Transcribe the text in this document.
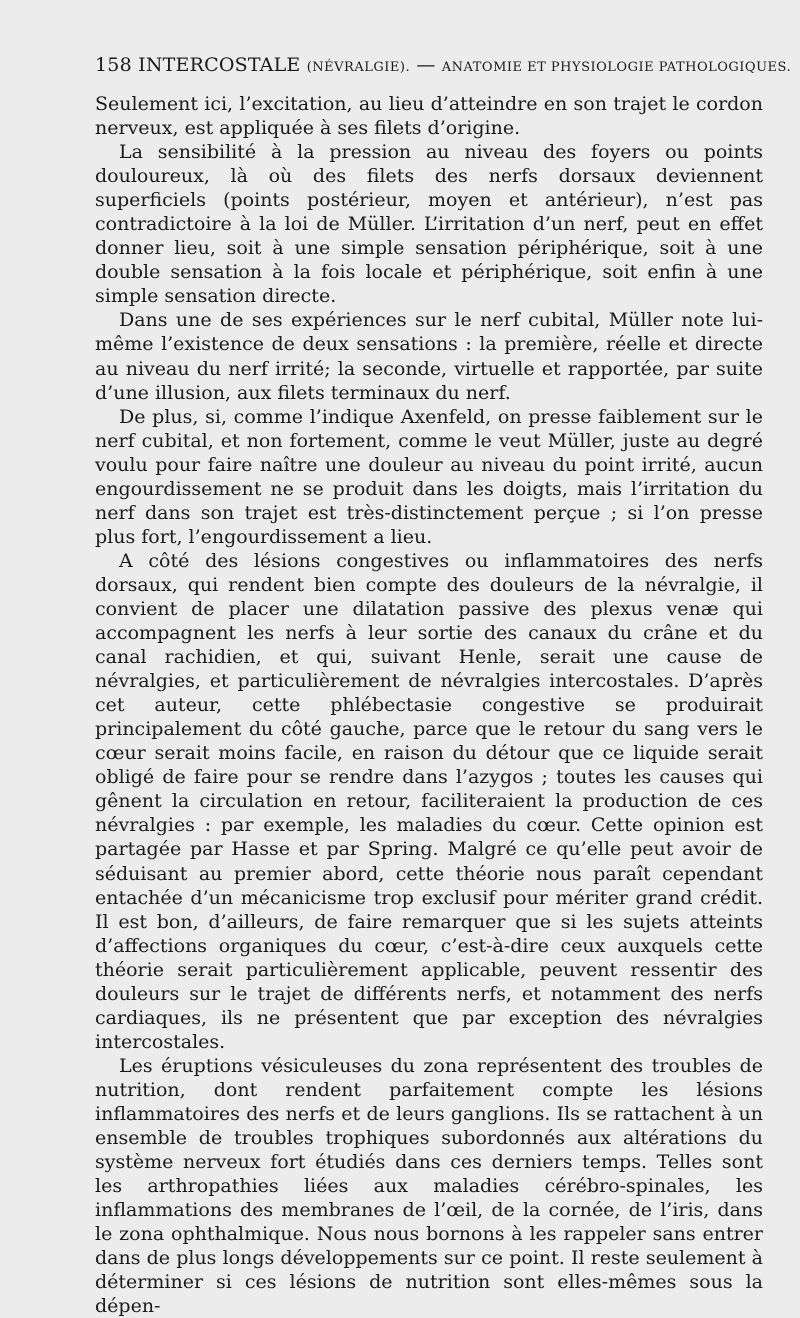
158 INTERCOSTALE (NÉVRALGIE). — ANATOMIE ET PHYSIOLOGIE PATHOLOGIQUES.

Seulement ici, l’excitation, au lieu d’atteindre en son trajet le cordon nerveux, est appliquée à ses filets d’origine.

La sensibilité à la pression au niveau des foyers ou points douloureux, là où des filets des nerfs dorsaux deviennent superficiels (points postérieur, moyen et antérieur), n’est pas contradictoire à la loi de Müller. L’irritation d’un nerf, peut en effet donner lieu, soit à une simple sensation périphérique, soit à une double sensation à la fois locale et périphérique, soit enfin à une simple sensation directe.

Dans une de ses expériences sur le nerf cubital, Müller note lui-même l’existence de deux sensations : la première, réelle et directe au niveau du nerf irrité; la seconde, virtuelle et rapportée, par suite d’une illusion, aux filets terminaux du nerf.

De plus, si, comme l’indique Axenfeld, on presse faiblement sur le nerf cubital, et non fortement, comme le veut Müller, juste au degré voulu pour faire naître une douleur au niveau du point irrité, aucun engourdissement ne se produit dans les doigts, mais l’irritation du nerf dans son trajet est très-distinctement perçue ; si l’on presse plus fort, l’engourdissement a lieu.

A côté des lésions congestives ou inflammatoires des nerfs dorsaux, qui rendent bien compte des douleurs de la névralgie, il convient de placer une dilatation passive des plexus venæ qui accompagnent les nerfs à leur sortie des canaux du crâne et du canal rachidien, et qui, suivant Henle, serait une cause de névralgies, et particulièrement de névralgies intercostales. D’après cet auteur, cette phlébectasie congestive se produirait principalement du côté gauche, parce que le retour du sang vers le cœur serait moins facile, en raison du détour que ce liquide serait obligé de faire pour se rendre dans l’azygos ; toutes les causes qui gênent la circulation en retour, faciliteraient la production de ces névralgies : par exemple, les maladies du cœur. Cette opinion est partagée par Hasse et par Spring. Malgré ce qu’elle peut avoir de séduisant au premier abord, cette théorie nous paraît cependant entachée d’un mécanicisme trop exclusif pour mériter grand crédit. Il est bon, d’ailleurs, de faire remarquer que si les sujets atteints d’affections organiques du cœur, c’est-à-dire ceux auxquels cette théorie serait particulièrement applicable, peuvent ressentir des douleurs sur le trajet de différents nerfs, et notamment des nerfs cardiaques, ils ne présentent que par exception des névralgies intercostales.

Les éruptions vésiculeuses du zona représentent des troubles de nutrition, dont rendent parfaitement compte les lésions inflammatoires des nerfs et de leurs ganglions. Ils se rattachent à un ensemble de troubles trophiques subordonnés aux altérations du système nerveux fort étudiés dans ces derniers temps. Telles sont les arthropathies liées aux maladies cérébro-spinales, les inflammations des membranes de l’œil, de la cornée, de l’iris, dans le zona ophthalmique. Nous nous bornons à les rappeler sans entrer dans de plus longs développements sur ce point. Il reste seulement à déterminer si ces lésions de nutrition sont elles-mêmes sous la dépen-
